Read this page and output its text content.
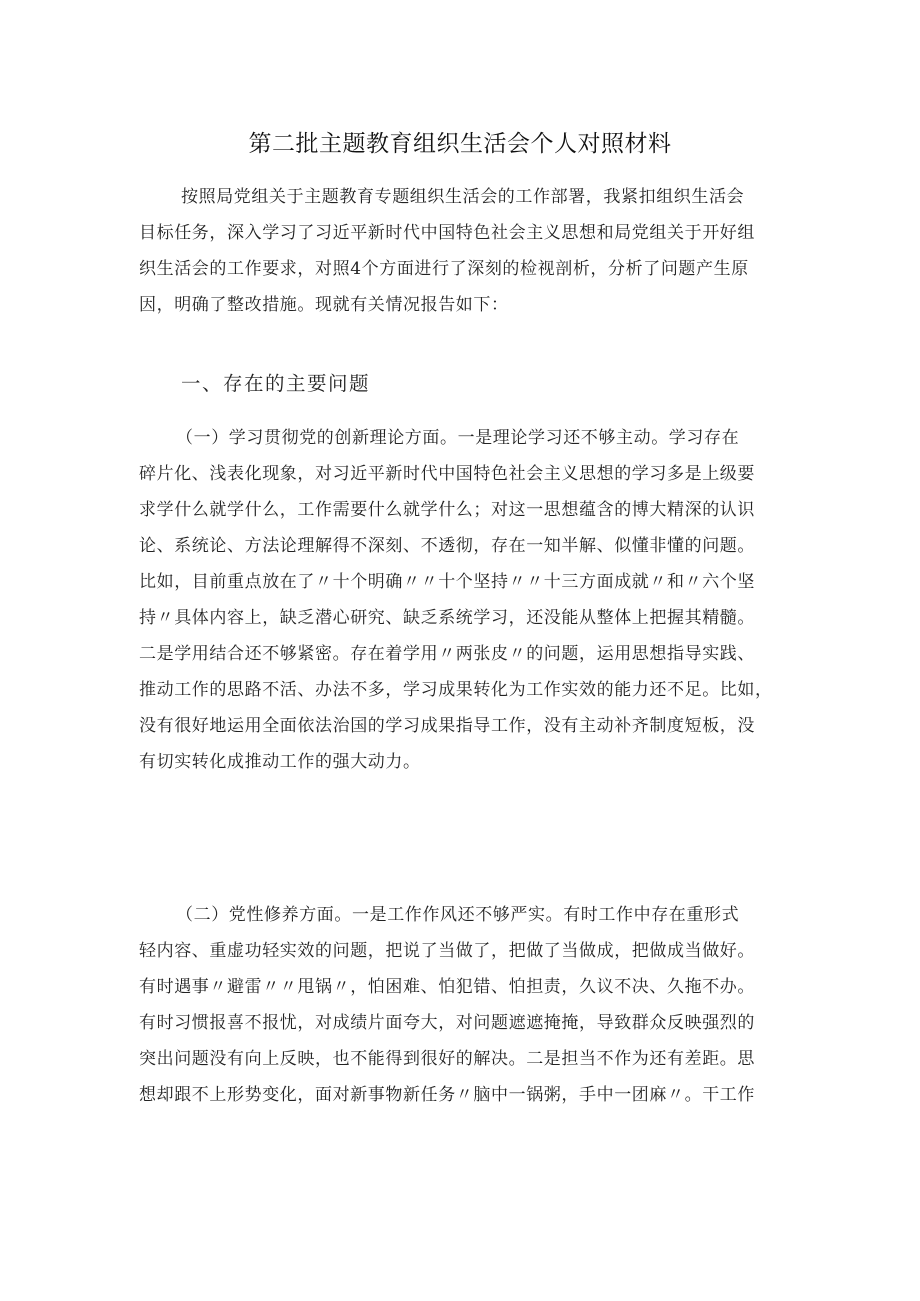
第二批主题教育组织生活会个人对照材料
按照局党组关于主题教育专题组织生活会的工作部署，我紧扣组织生活会
目标任务，深入学习了习近平新时代中国特色社会主义思想和局党组关于开好组
织生活会的工作要求，对照4个方面进行了深刻的检视剖析，分析了问题产生原
因，明确了整改措施。现就有关情况报告如下：
一、存在的主要问题
（一）学习贯彻党的创新理论方面。一是理论学习还不够主动。学习存在
碎片化、浅表化现象，对习近平新时代中国特色社会主义思想的学习多是上级要
求学什么就学什么，工作需要什么就学什么；对这一思想蕴含的博大精深的认识
论、系统论、方法论理解得不深刻、不透彻，存在一知半解、似懂非懂的问题。
比如，目前重点放在了〃十个明确〃〃十个坚持〃〃十三方面成就〃和〃六个坚
持〃具体内容上，缺乏潜心研究、缺乏系统学习，还没能从整体上把握其精髓。
二是学用结合还不够紧密。存在着学用〃两张皮〃的问题，运用思想指导实践、
推动工作的思路不活、办法不多，学习成果转化为工作实效的能力还不足。比如，
没有很好地运用全面依法治国的学习成果指导工作，没有主动补齐制度短板，没
有切实转化成推动工作的强大动力。
（二）党性修养方面。一是工作作风还不够严实。有时工作中存在重形式
轻内容、重虚功轻实效的问题，把说了当做了，把做了当做成，把做成当做好。
有时遇事〃避雷〃〃甩锅〃，怕困难、怕犯错、怕担责，久议不决、久拖不办。
有时习惯报喜不报忧，对成绩片面夸大，对问题遮遮掩掩，导致群众反映强烈的
突出问题没有向上反映，也不能得到很好的解决。二是担当不作为还有差距。思
想却跟不上形势变化，面对新事物新任务〃脑中一锅粥，手中一团麻〃。干工作
